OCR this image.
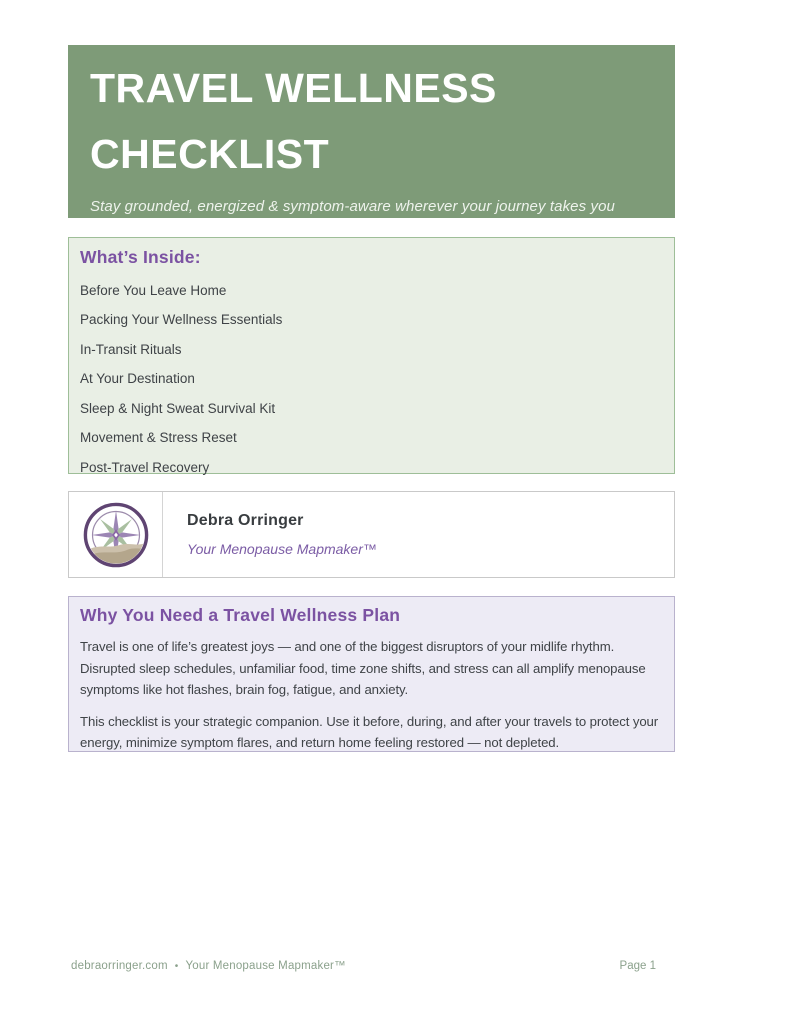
TRAVEL WELLNESS
CHECKLIST
Stay grounded, energized & symptom-aware wherever your journey takes you
What’s Inside:
Before You Leave Home
Packing Your Wellness Essentials
In-Transit Rituals
At Your Destination
Sleep & Night Sweat Survival Kit
Movement & Stress Reset
Post-Travel Recovery
Debra Orringer
Your Menopause Mapmaker™
Why You Need a Travel Wellness Plan

Travel is one of life’s greatest joys — and one of the biggest disruptors of your midlife rhythm. Disrupted sleep schedules, unfamiliar food, time zone shifts, and stress can all amplify menopause symptoms like hot flashes, brain fog, fatigue, and anxiety.

This checklist is your strategic companion. Use it before, during, and after your travels to protect your energy, minimize symptom flares, and return home feeling restored — not depleted.

debraorringer.com • Your Menopause Mapmaker™	Page 1
